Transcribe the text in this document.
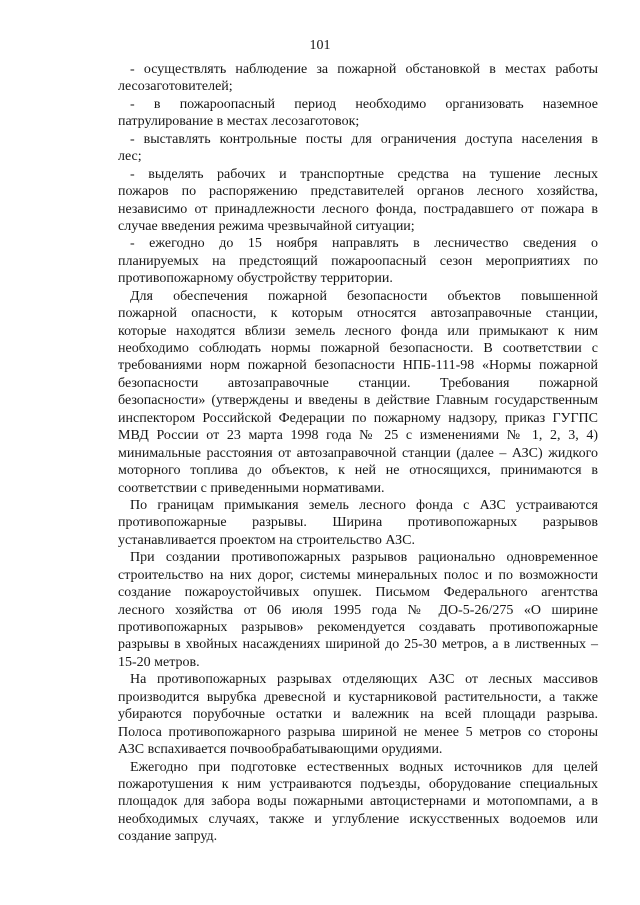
101
- осуществлять наблюдение за пожарной обстановкой в местах работы
лесозаготовителей;
- в пожароопасный период необходимо организовать наземное
патрулирование в местах лесозаготовок;
- выставлять контрольные посты для ограничения доступа населения в
лес;
- выделять рабочих и транспортные средства на тушение лесных
пожаров по распоряжению представителей органов лесного хозяйства,
независимо от принадлежности лесного фонда, пострадавшего от пожара в
случае введения режима чрезвычайной ситуации;
- ежегодно до 15 ноября направлять в лесничество сведения о
планируемых на предстоящий пожароопасный сезон мероприятиях по
противопожарному обустройству территории.
Для обеспечения пожарной безопасности объектов повышенной
пожарной опасности, к которым относятся автозаправочные станции,
которые находятся вблизи земель лесного фонда или примыкают к ним
необходимо соблюдать нормы пожарной безопасности. В соответствии с
требованиями норм пожарной безопасности НПБ-111-98 «Нормы пожарной
безопасности автозаправочные станции. Требования пожарной
безопасности» (утверждены и введены в действие Главным государственным
инспектором Российской Федерации по пожарному надзору, приказ ГУГПС
МВД России от 23 марта 1998 года № 25 с изменениями № 1, 2, 3, 4)
минимальные расстояния от автозаправочной станции (далее – АЗС) жидкого
моторного топлива до объектов, к ней не относящихся, принимаются в
соответствии с приведенными нормативами.
По границам примыкания земель лесного фонда с АЗС устраиваются
противопожарные разрывы. Ширина противопожарных разрывов
устанавливается проектом на строительство АЗС.
При создании противопожарных разрывов рационально одновременное
строительство на них дорог, системы минеральных полос и по возможности
создание пожароустойчивых опушек. Письмом Федерального агентства
лесного хозяйства от 06 июля 1995 года № ДО-5-26/275 «О ширине
противопожарных разрывов» рекомендуется создавать противопожарные
разрывы в хвойных насаждениях шириной до 25-30 метров, а в лиственных –
15-20 метров.
На противопожарных разрывах отделяющих АЗС от лесных массивов
производится вырубка древесной и кустарниковой растительности, а также
убираются порубочные остатки и валежник на всей площади разрыва.
Полоса противопожарного разрыва шириной не менее 5 метров со стороны
АЗС вспахивается почвообрабатывающими орудиями.
Ежегодно при подготовке естественных водных источников для целей
пожаротушения к ним устраиваются подъезды, оборудование специальных
площадок для забора воды пожарными автоцистернами и мотопомпами, а в
необходимых случаях, также и углубление искусственных водоемов или
создание запруд.
